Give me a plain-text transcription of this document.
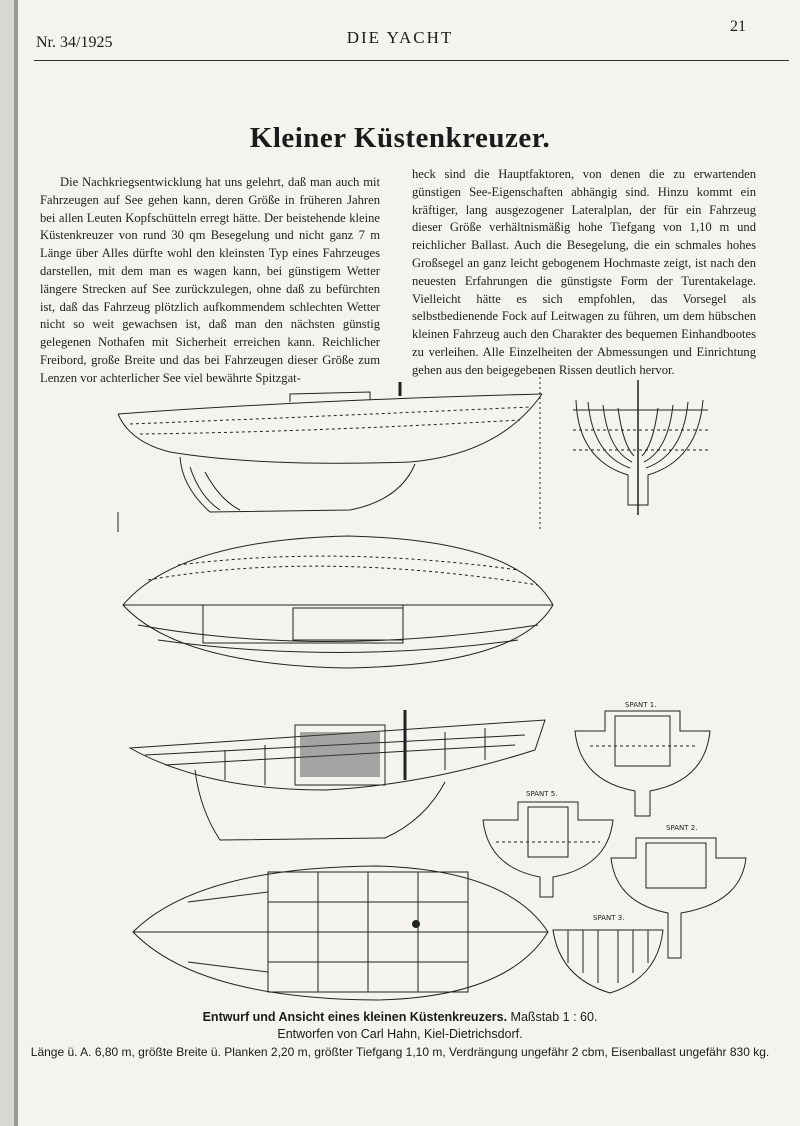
Nr. 34/1925	DIE YACHT
21
Kleiner Küstenkreuzer.
Die Nachkriegsentwicklung hat uns gelehrt, daß man auch mit Fahrzeugen auf See gehen kann, deren Größe in früheren Jahren bei allen Leuten Kopfschütteln erregt hätte. Der beistehende kleine Küstenkreuzer von rund 30 qm Besegelung und nicht ganz 7 m Länge über Alles dürfte wohl den kleinsten Typ eines Fahrzeuges darstellen, mit dem man es wagen kann, bei günstigem Wetter längere Strecken auf See zurückzulegen, ohne daß zu befürchten ist, daß das Fahrzeug plötzlich aufkommendem schlechten Wetter nicht so weit gewachsen ist, daß man den nächsten günstig gelegenen Nothafen mit Sicherheit erreichen kann. Reichlicher Freibord, große Breite und das bei Fahrzeugen dieser Größe zum Lenzen vor achterlicher See viel bewährte Spitzgat-
heck sind die Hauptfaktoren, von denen die zu erwartenden günstigen See-Eigenschaften abhängig sind. Hinzu kommt ein kräftiger, lang ausgezogener Lateralplan, der für ein Fahrzeug dieser Größe verhältnismäßig hohe Tiefgang von 1,10 m und reichlicher Ballast. Auch die Besegelung, die ein schmales hohes Großsegel an ganz leicht gebogenem Hochmaste zeigt, ist nach den neuesten Erfahrungen die günstigste Form der Turentakelage. Vielleicht hätte es sich empfohlen, das Vorsegel als selbstbedienende Fock auf Leitwagen zu führen, um dem hübschen kleinen Fahrzeug auch den Charakter des bequemen Einhandbootes zu verleihen. Alle Einzelheiten der Abmessungen und Einrichtung gehen aus den beigegebenen Rissen deutlich hervor.
SPANT 1.
SPANT 5.
SPANT 2.
SPANT 3.
Entwurf und Ansicht eines kleinen Küstenkreuzers. Maßstab 1 : 60.
Entworfen von Carl Hahn, Kiel-Dietrichsdorf.
Länge ü. A. 6,80 m, größte Breite ü. Planken 2,20 m, größter Tiefgang 1,10 m, Verdrängung ungefähr 2 cbm, Eisenballast ungefähr 830 kg.
